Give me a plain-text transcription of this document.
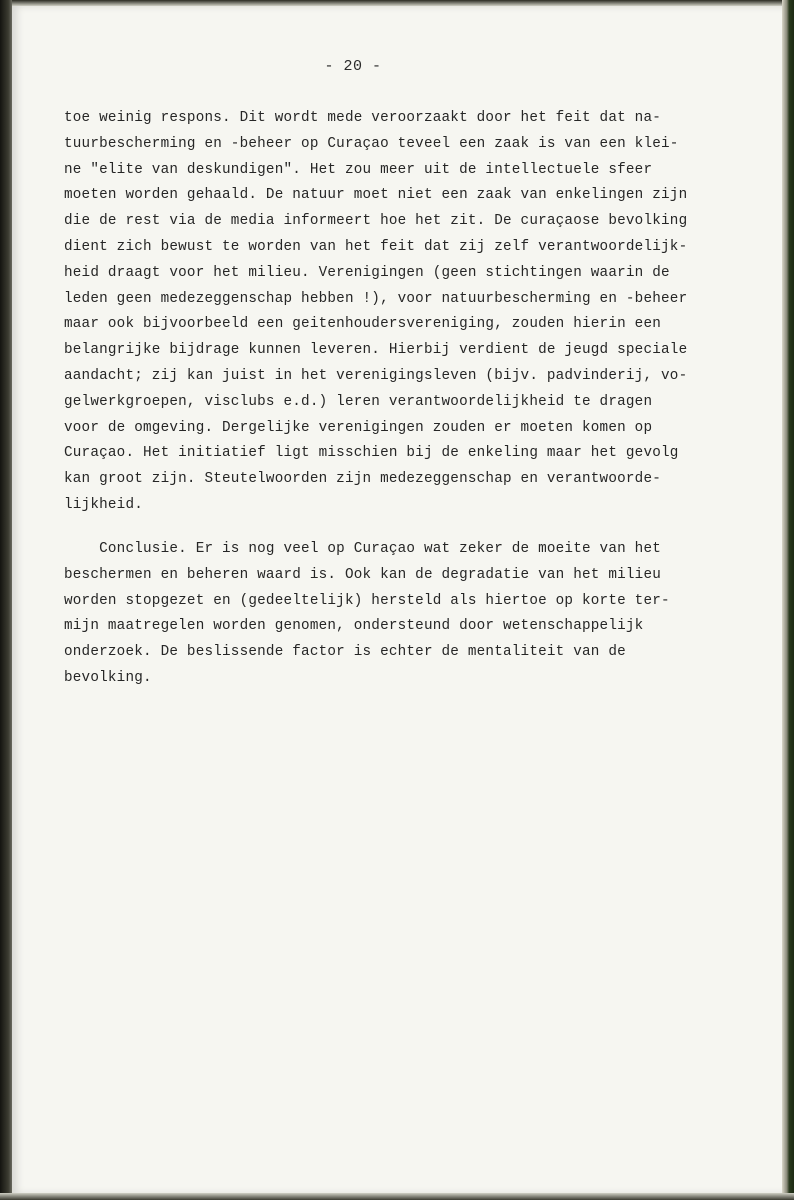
- 20 -
toe weinig respons. Dit wordt mede veroorzaakt door het feit dat na-
tuurbescherming en -beheer op Curaçao teveel een zaak is van een klei-
ne "elite van deskundigen". Het zou meer uit de intellectuele sfeer
moeten worden gehaald. De natuur moet niet een zaak van enkelingen zijn
die de rest via de media informeert hoe het zit. De curaçaose bevolking
dient zich bewust te worden van het feit dat zij zelf verantwoordelijk-
heid draagt voor het milieu. Verenigingen (geen stichtingen waarin de
leden geen medezeggenschap hebben !), voor natuurbescherming en -beheer
maar ook bijvoorbeeld een geitenhoudersvereniging, zouden hierin een
belangrijke bijdrage kunnen leveren. Hierbij verdient de jeugd speciale
aandacht; zij kan juist in het verenigingsleven (bijv. padvinderij, vo-
gelwerkgroepen, visclubs e.d.) leren verantwoordelijkheid te dragen
voor de omgeving. Dergelijke verenigingen zouden er moeten komen op
Curaçao. Het initiatief ligt misschien bij de enkeling maar het gevolg
kan groot zijn. Steutelwoorden zijn medezeggenschap en verantwoorde-
lijkheid.
Conclusie. Er is nog veel op Curaçao wat zeker de moeite van het
beschermen en beheren waard is. Ook kan de degradatie van het milieu
worden stopgezet en (gedeeltelijk) hersteld als hiertoe op korte ter-
mijn maatregelen worden genomen, ondersteund door wetenschappelijk
onderzoek. De beslissende factor is echter de mentaliteit van de
bevolking.
